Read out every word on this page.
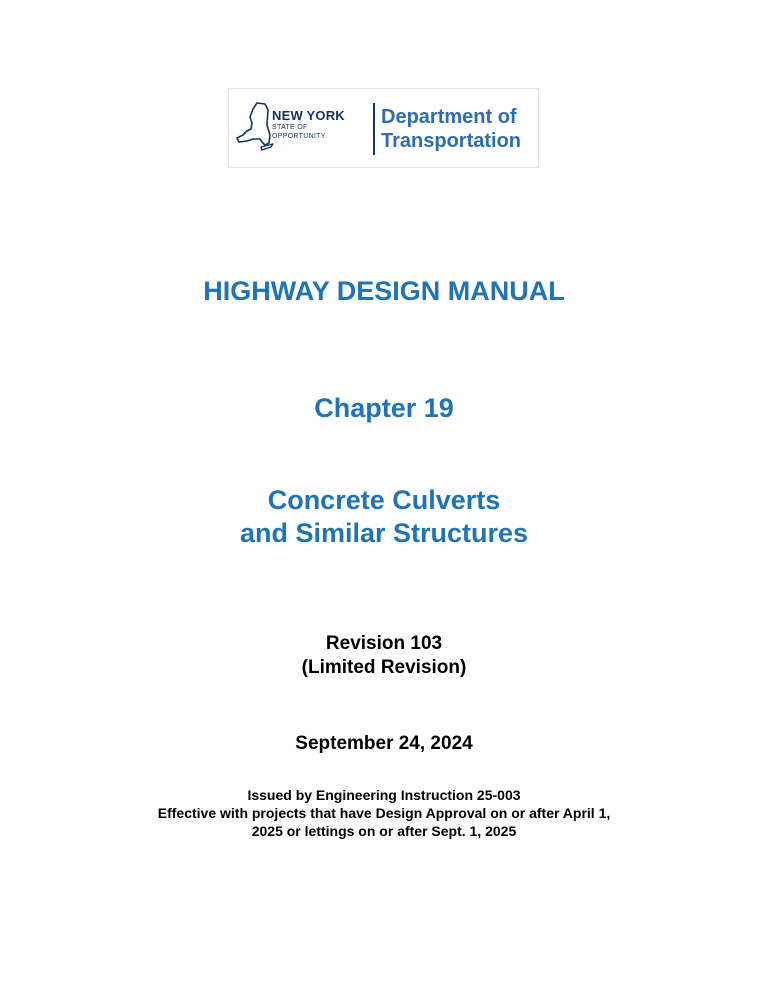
NEW YORK
STATE OF
OPPORTUNITY.
Department of
Transportation
HIGHWAY DESIGN MANUAL
Chapter 19
Concrete Culverts
and Similar Structures
Revision 103
(Limited Revision)
September 24, 2024
Issued by Engineering Instruction 25-003
Effective with projects that have Design Approval on or after April 1,
2025 or lettings on or after Sept. 1, 2025
